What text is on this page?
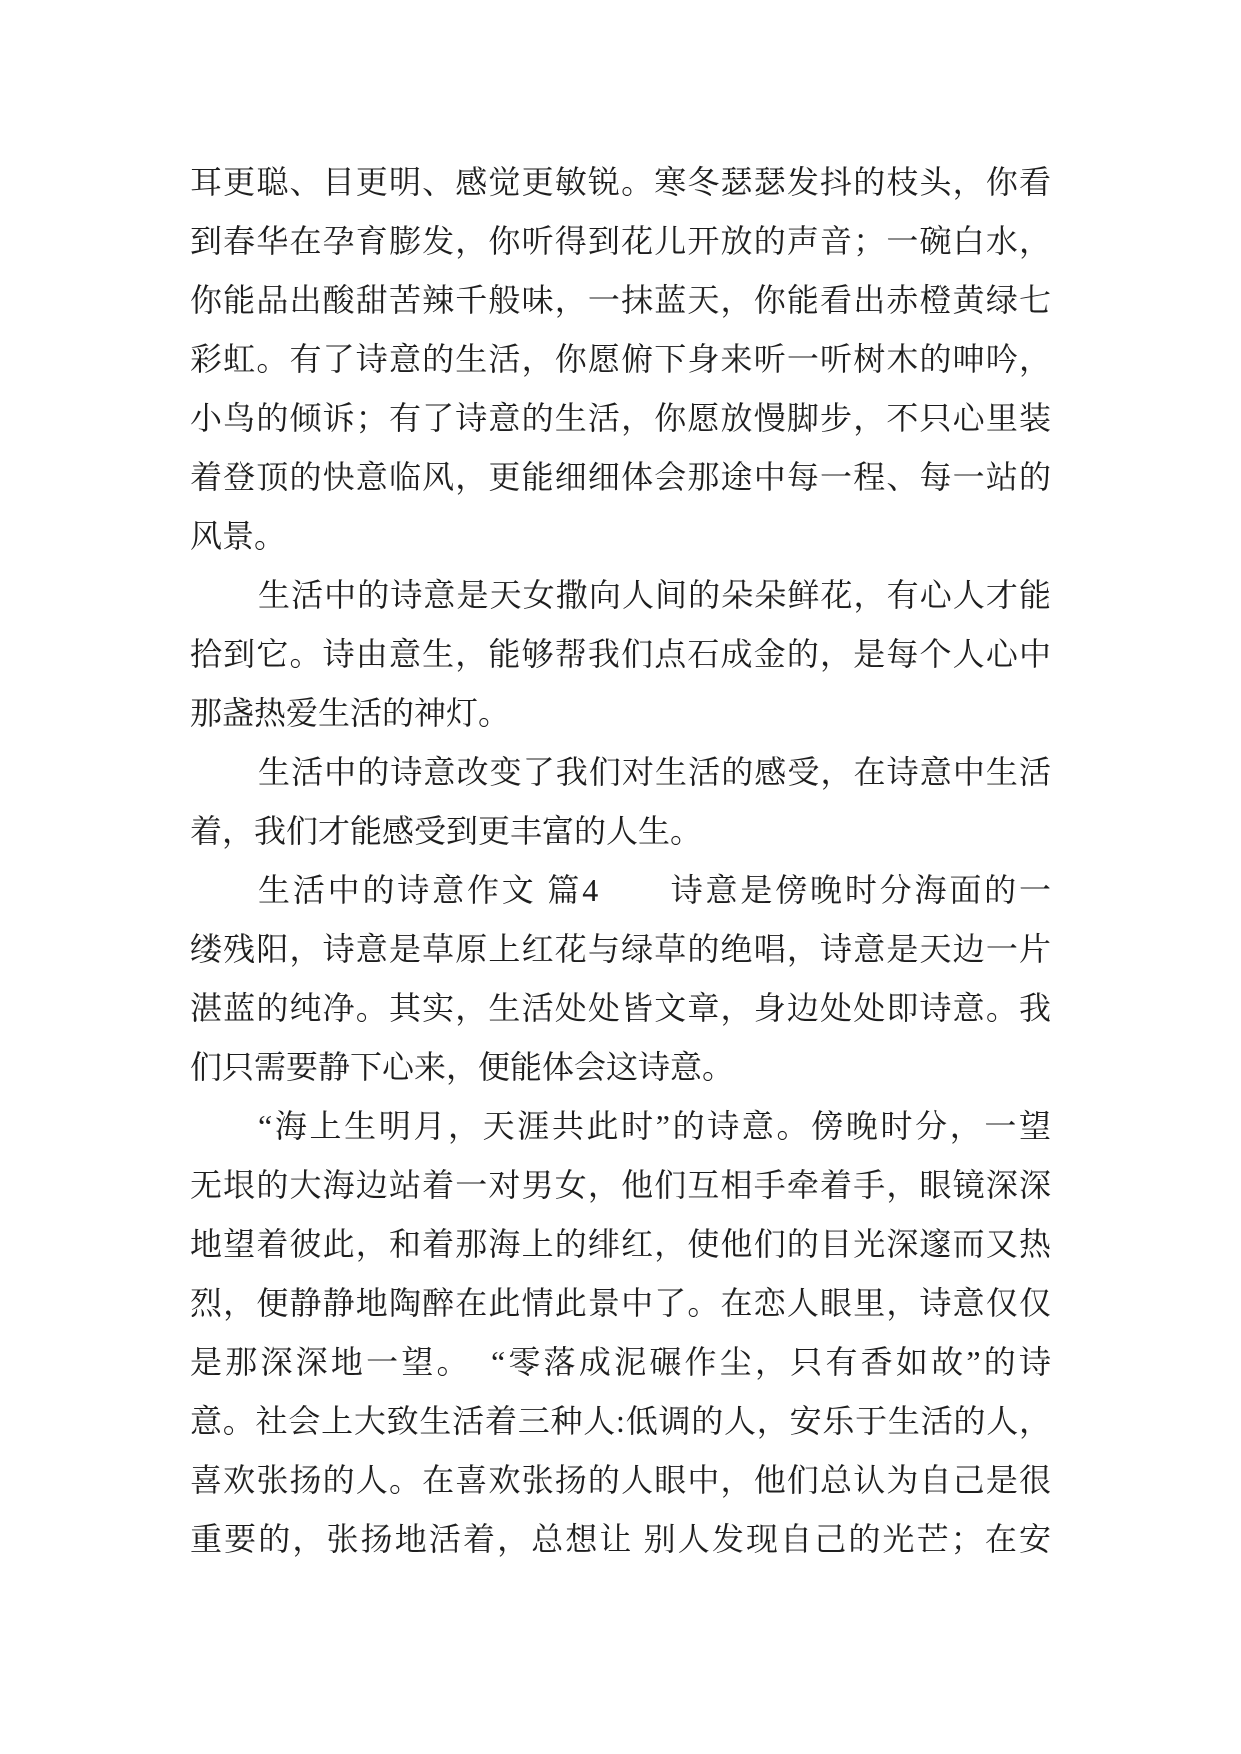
耳更聪、目更明、感觉更敏锐。寒冬瑟瑟发抖的枝头，你看
到春华在孕育膨发，你听得到花儿开放的声音；一碗白水，
你能品出酸甜苦辣千般味，一抹蓝天，你能看出赤橙黄绿七
彩虹。有了诗意的生活，你愿俯下身来听一听树木的呻吟，
小鸟的倾诉；有了诗意的生活，你愿放慢脚步，不只心里装
着登顶的快意临风，更能细细体会那途中每一程、每一站的
风景。
生活中的诗意是天女撒向人间的朵朵鲜花，有心人才能
拾到它。诗由意生，能够帮我们点石成金的，是每个人心中
那盏热爱生活的神灯。
生活中的诗意改变了我们对生活的感受，在诗意中生活
着，我们才能感受到更丰富的人生。
生活中的诗意作文 篇4　　诗意是傍晚时分海面的一
缕残阳，诗意是草原上红花与绿草的绝唱，诗意是天边一片
湛蓝的纯净。其实，生活处处皆文章，身边处处即诗意。我
们只需要静下心来，便能体会这诗意。
“海上生明月，天涯共此时”的诗意。傍晚时分，一望
无垠的大海边站着一对男女，他们互相手牵着手，眼镜深深
地望着彼此，和着那海上的绯红，使他们的目光深邃而又热
烈，便静静地陶醉在此情此景中了。在恋人眼里，诗意仅仅
是那深深地一望。　“零落成泥碾作尘，只有香如故”的诗
意。社会上大致生活着三种人:低调的人，安乐于生活的人，
喜欢张扬的人。在喜欢张扬的人眼中，他们总认为自己是很
重要的，张扬地活着，总想让 别人发现自己的光芒；在安
